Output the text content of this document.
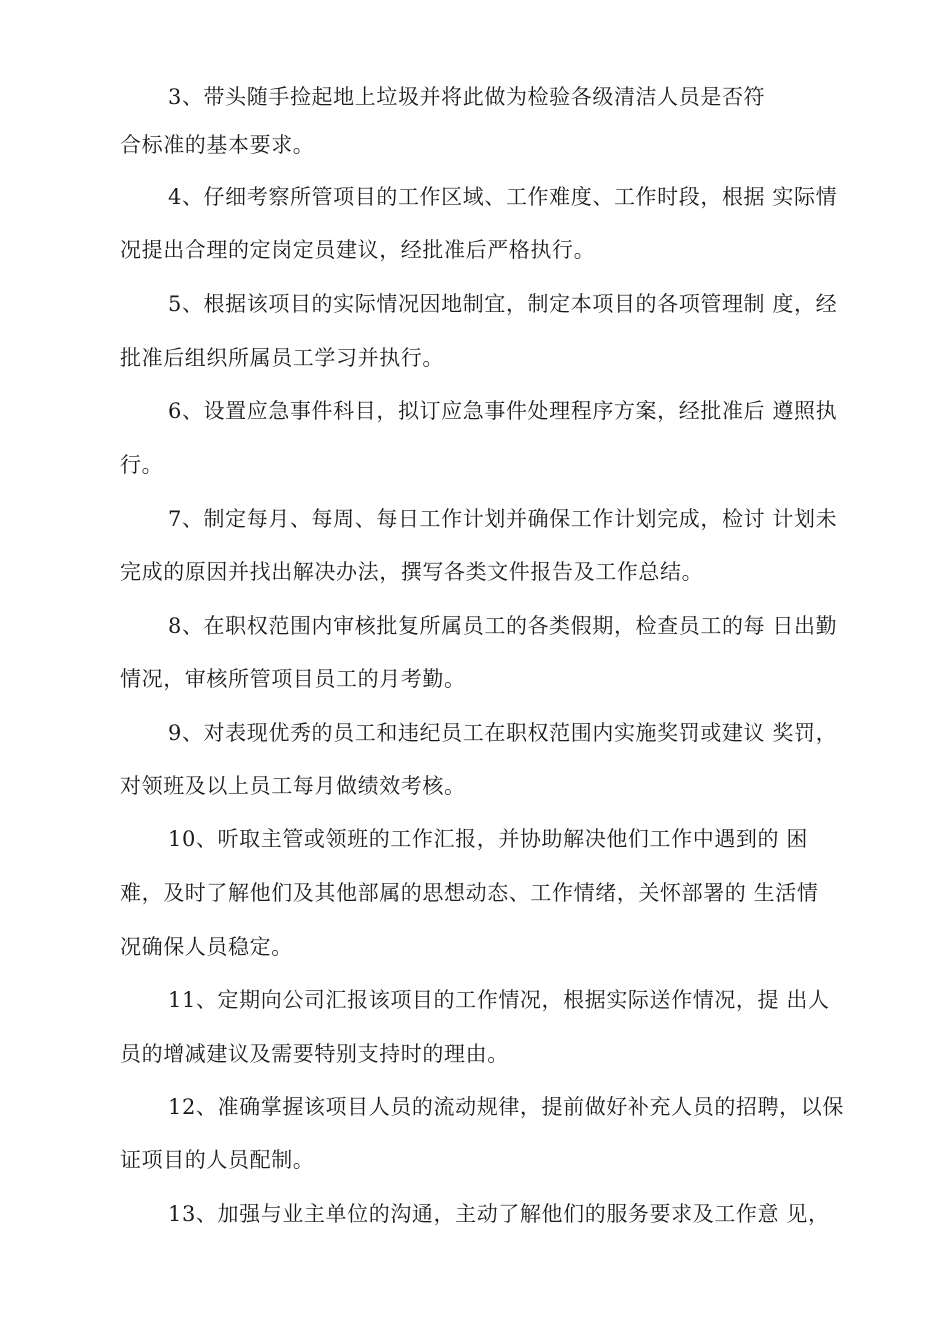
3、带头随手捡起地上垃圾并将此做为检验各级清洁人员是否符
合标准的基本要求。
4、仔细考察所管项目的工作区域、工作难度、工作时段，根据 实际情
况提出合理的定岗定员建议，经批准后严格执行。
5、根据该项目的实际情况因地制宜，制定本项目的各项管理制 度，经
批准后组织所属员工学习并执行。
6、设置应急事件科目，拟订应急事件处理程序方案，经批准后 遵照执
行。
7、制定每月、每周、每日工作计划并确保工作计划完成，检讨 计划未
完成的原因并找出解决办法，撰写各类文件报告及工作总结。
8、在职权范围内审核批复所属员工的各类假期，检查员工的每 日出勤
情况，审核所管项目员工的月考勤。
9、对表现优秀的员工和违纪员工在职权范围内实施奖罚或建议 奖罚，
对领班及以上员工每月做绩效考核。
10、听取主管或领班的工作汇报，并协助解决他们工作中遇到的 困
难，及时了解他们及其他部属的思想动态、工作情绪，关怀部署的 生活情
况确保人员稳定。
11、定期向公司汇报该项目的工作情况，根据实际送作情况，提 出人
员的增减建议及需要特别支持时的理由。
12、准确掌握该项目人员的流动规律，提前做好补充人员的招聘，以保
证项目的人员配制。
13、加强与业主单位的沟通，主动了解他们的服务要求及工作意 见，
